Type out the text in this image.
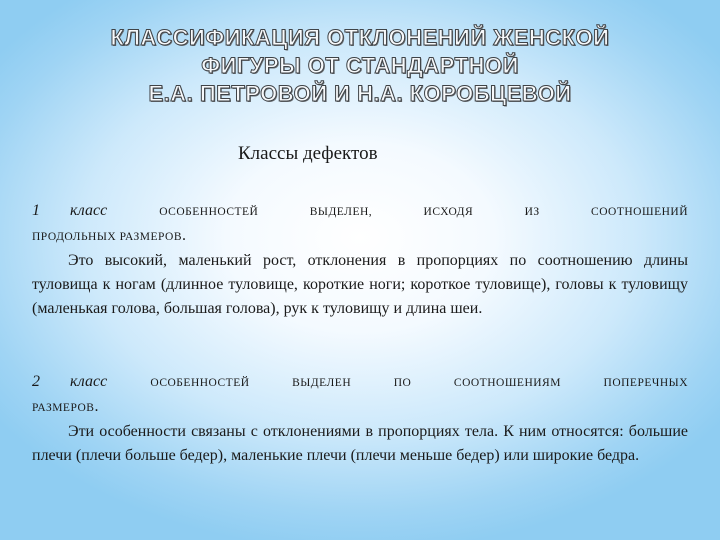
КЛАССИФИКАЦИЯ ОТКЛОНЕНИЙ ЖЕНСКОЙ
ФИГУРЫ ОТ СТАНДАРТНОЙ
Е.А. ПЕТРОВОЙ И Н.А. КОРОБЦЕВОЙ
Классы дефектов
1 класс	ОСОБЕННОСТЕЙ ВЫДЕЛЕН, ИСХОДЯ ИЗ СООТНОШЕНИЙ
ПРОДОЛЬНЫХ РАЗМЕРОВ.
Это высокий, маленький рост, отклонения в пропорциях по соотношению длины туловища к ногам (длинное туловище, короткие ноги; короткое туловище), головы к туловищу (маленькая голова, большая голова), рук к туловищу и длина шеи.
2 класс	ОСОБЕННОСТЕЙ ВЫДЕЛЕН ПО СООТНОШЕНИЯМ ПОПЕРЕЧНЫХ
РАЗМЕРОВ.
Эти особенности связаны с отклонениями в пропорциях тела. К ним относятся: большие плечи (плечи больше бедер), маленькие плечи (плечи меньше бедер) или широкие бедра.
